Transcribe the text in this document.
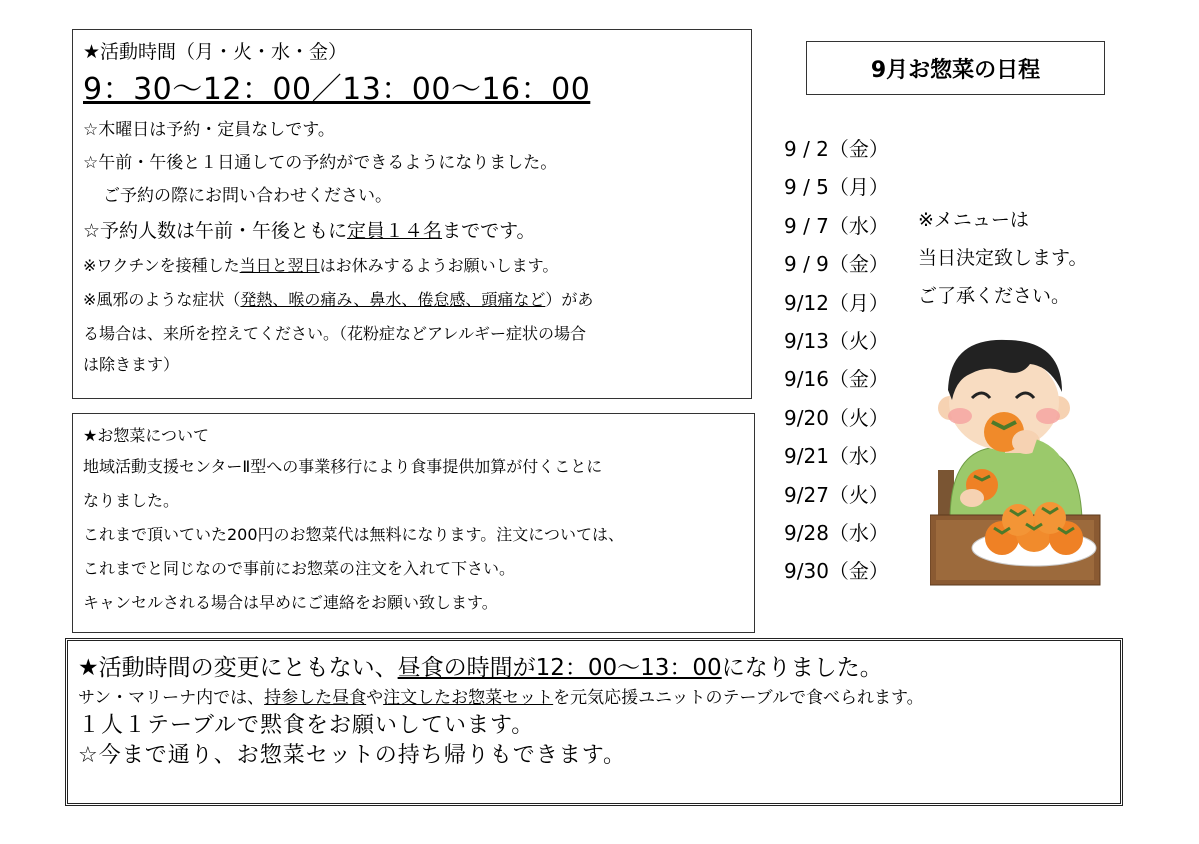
★活動時間（月・火・水・金）
9：30〜12：00／13：00〜16：00
☆木曜日は予約・定員なしです。
☆午前・午後と１日通しての予約ができるようになりました。
ご予約の際にお問い合わせください。
☆予約人数は午前・午後ともに定員１４名までです。
※ワクチンを接種した当日と翌日はお休みするようお願いします。
※風邪のような症状（発熱、喉の痛み、鼻水、倦怠感、頭痛など）があ
る場合は、来所を控えてください。（花粉症などアレルギー症状の場合
は除きます）
★お惣菜について
地域活動支援センターⅡ型への事業移行により食事提供加算が付くことに
なりました。
これまで頂いていた200円のお惣菜代は無料になります。注文については、
これまでと同じなので事前にお惣菜の注文を入れて下さい。
キャンセルされる場合は早めにご連絡をお願い致します。
★活動時間の変更にともない、昼食の時間が12：00〜13：00になりました。
サン・マリーナ内では、持参した昼食や注文したお惣菜セットを元気応援ユニットのテーブルで食べられます。
１人１テーブルで黙食をお願いしています。
☆今まで通り、お惣菜セットの持ち帰りもできます。
9月お惣菜の日程
9 / 2（金）
9 / 5（月）
9 / 7（水）
9 / 9（金）
9/12（月）
9/13（火）
9/16（金）
9/20（火）
9/21（水）
9/27（火）
9/28（水）
9/30（金）
※メニューは
当日決定致します。
ご了承ください。
